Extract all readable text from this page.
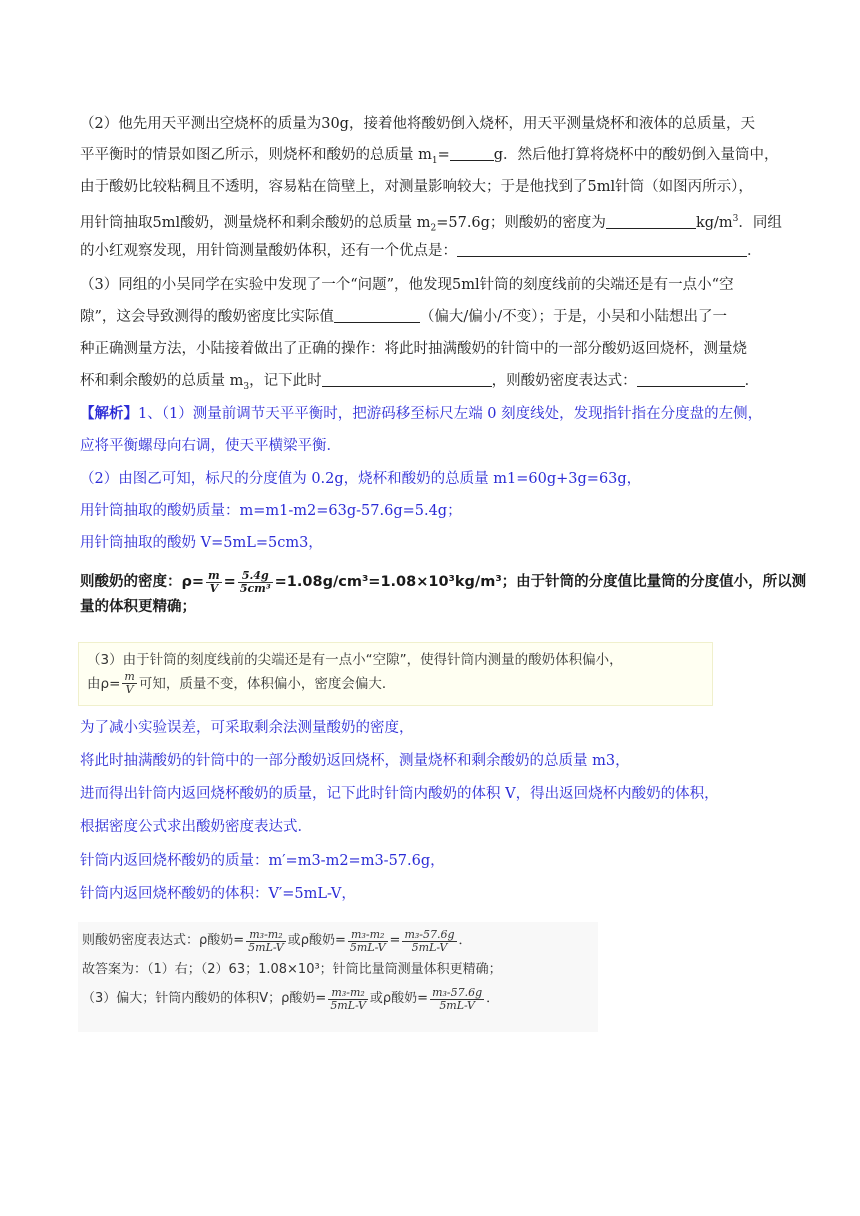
（2）他先用天平测出空烧杯的质量为30g，接着他将酸奶倒入烧杯，用天平测量烧杯和液体的总质量，天
平平衡时的情景如图乙所示，则烧杯和酸奶的总质量 $m_1=$	g．然后他打算将烧杯中的酸奶倒入量筒中，
由于酸奶比较粘稠且不透明，容易粘在筒壁上，对测量影响较大；于是他找到了5ml针筒（如图丙所示），
用针筒抽取5ml酸奶，测量烧杯和剩余酸奶的总质量 $m_2=57.6g$；则酸奶的密度为	$kg/m^3$．同组
的小红观察发现，用针筒测量酸奶体积，还有一个优点是：	．
（3）同组的小吴同学在实验中发现了一个“问题”，他发现5ml针筒的刻度线前的尖端还是有一点小“空
隙”，这会导致测得的酸奶密度比实际值	（偏大/偏小/不变）；于是，小吴和小陆想出了一
种正确测量方法，小陆接着做出了正确的操作：将此时抽满酸奶的针筒中的一部分酸奶返回烧杯，测量烧
杯和剩余酸奶的总质量 $m_3$，记下此时	，则酸奶密度表达式：	．
【解析】1、（1）测量前调节天平平衡时，把游码移至标尺左端 0 刻度线处，发现指针指在分度盘的左侧，
应将平衡螺母向右调，使天平横梁平衡．
（2）由图乙可知，标尺的分度值为 0.2g，烧杯和酸奶的总质量 m1=60g+3g=63g，
用针筒抽取的酸奶质量：m=m1-m2=63g-57.6g=5.4g；
用针筒抽取的酸奶 V=5mL=5cm3，
则酸奶的密度：$\rho= \frac{m}{V} = \frac{5.4g}{\text{5cm³}} =1.08g/cm^3=1.08\times 10^3kg/m^3$；由于针筒的分度值比量筒的分度值小，所以测
量的体积更精确；
（3）由于针筒的刻度线前的尖端还是有一点小“空隙”，使得针筒内测量的酸奶体积偏小，
由$\rho= \frac{m}{V}$ 可知，质量不变，体积偏小，密度会偏大．
为了减小实验误差，可采取剩余法测量酸奶的密度，
将此时抽满酸奶的针筒中的一部分酸奶返回烧杯，测量烧杯和剩余酸奶的总质量 m3，
进而得出针筒内返回烧杯酸奶的质量，记下此时针筒内酸奶的体积 V，得出返回烧杯内酸奶的体积，
根据密度公式求出酸奶密度表达式．
针筒内返回烧杯酸奶的质量：m′=m3-m2=m3-57.6g，
针筒内返回烧杯酸奶的体积：V′=5mL-V，
则酸奶密度表达式：ρ酸奶= $\frac{\text{m₃-m₂}}{5mL-V}$ 或ρ酸奶= $\frac{\text{m₃-m₂}}{5mL-V} = \frac{\text{m₃-57.6g}}{5mL-V}$ ．
故答案为：（1）右；（2）63；1.08×10³；针筒比量筒测量体积更精确；
（3）偏大；针筒内酸奶的体积V；ρ酸奶= $\frac{\text{m₃-m₂}}{5mL-V}$ 或ρ酸奶= $\frac{\text{m₃-57.6g}}{5mL-V}$ ．
